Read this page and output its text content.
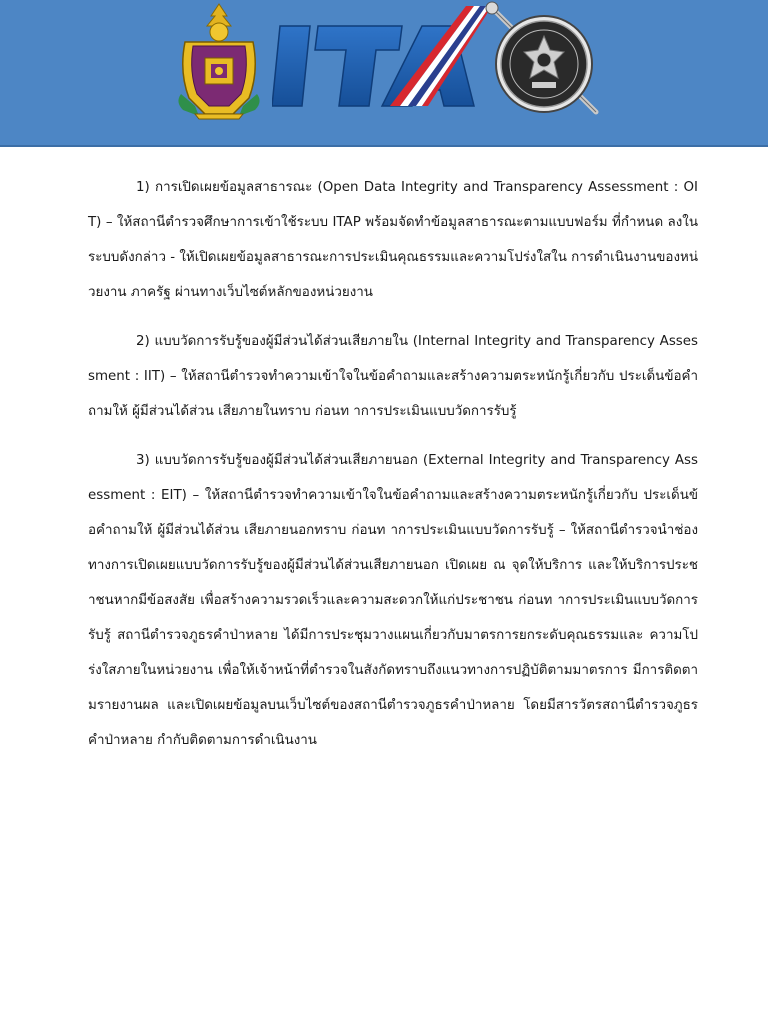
1) การเปิดเผยข้อมูลสาธารณะ (Open Data Integrity and Transparency Assessment : OIT) – ให้สถานีตำรวจศึกษาการเข้าใช้ระบบ ITAP พร้อมจัดทำข้อมูลสาธารณะตามแบบฟอร์ม ที่กำหนด ลงในระบบดังกล่าว - ให้เปิดเผยข้อมูลสาธารณะการประเมินคุณธรรมและความโปร่งใสใน การดำเนินงานของหน่วยงาน ภาครัฐ ผ่านทางเว็บไซต์หลักของหน่วยงาน

2) แบบวัดการรับรู้ของผู้มีส่วนได้ส่วนเสียภายใน (Internal Integrity and Transparency Assessment : IIT) – ให้สถานีตำรวจทำความเข้าใจในข้อคำถามและสร้างความตระหนักรู้เกี่ยวกับ ประเด็นข้อคำถามให้ ผู้มีส่วนได้ส่วน เสียภายในทราบ ก่อนท าการประเมินแบบวัดการรับรู้

3) แบบวัดการรับรู้ของผู้มีส่วนได้ส่วนเสียภายนอก (External Integrity and Transparency Assessment : EIT) – ให้สถานีตำรวจทำความเข้าใจในข้อคำถามและสร้างความตระหนักรู้เกี่ยวกับ ประเด็นข้อคำถามให้ ผู้มีส่วนได้ส่วน เสียภายนอกทราบ ก่อนท าการประเมินแบบวัดการรับรู้ – ให้สถานีตำรวจนำช่องทางการเปิดเผยแบบวัดการรับรู้ของผู้มีส่วนได้ส่วนเสียภายนอก เปิดเผย ณ จุดให้บริการ และให้บริการประชาชนหากมีข้อสงสัย เพื่อสร้างความรวดเร็วและความสะดวกให้แก่ประชาชน ก่อนท าการประเมินแบบวัดการรับรู้ สถานีตำรวจภูธรคำป่าหลาย ได้มีการประชุมวางแผนเกี่ยวกับมาตรการยกระดับคุณธรรมและ ความโปร่งใสภายในหน่วยงาน เพื่อให้เจ้าหน้าที่ตำรวจในสังกัดทราบถึงแนวทางการปฏิบัติตามมาตรการ มีการติดตามรายงานผล และเปิดเผยข้อมูลบนเว็บไซต์ของสถานีตำรวจภูธรคำป่าหลาย โดยมีสารวัตรสถานีตำรวจภูธรคำป่าหลาย กำกับติดตามการดำเนินงาน
